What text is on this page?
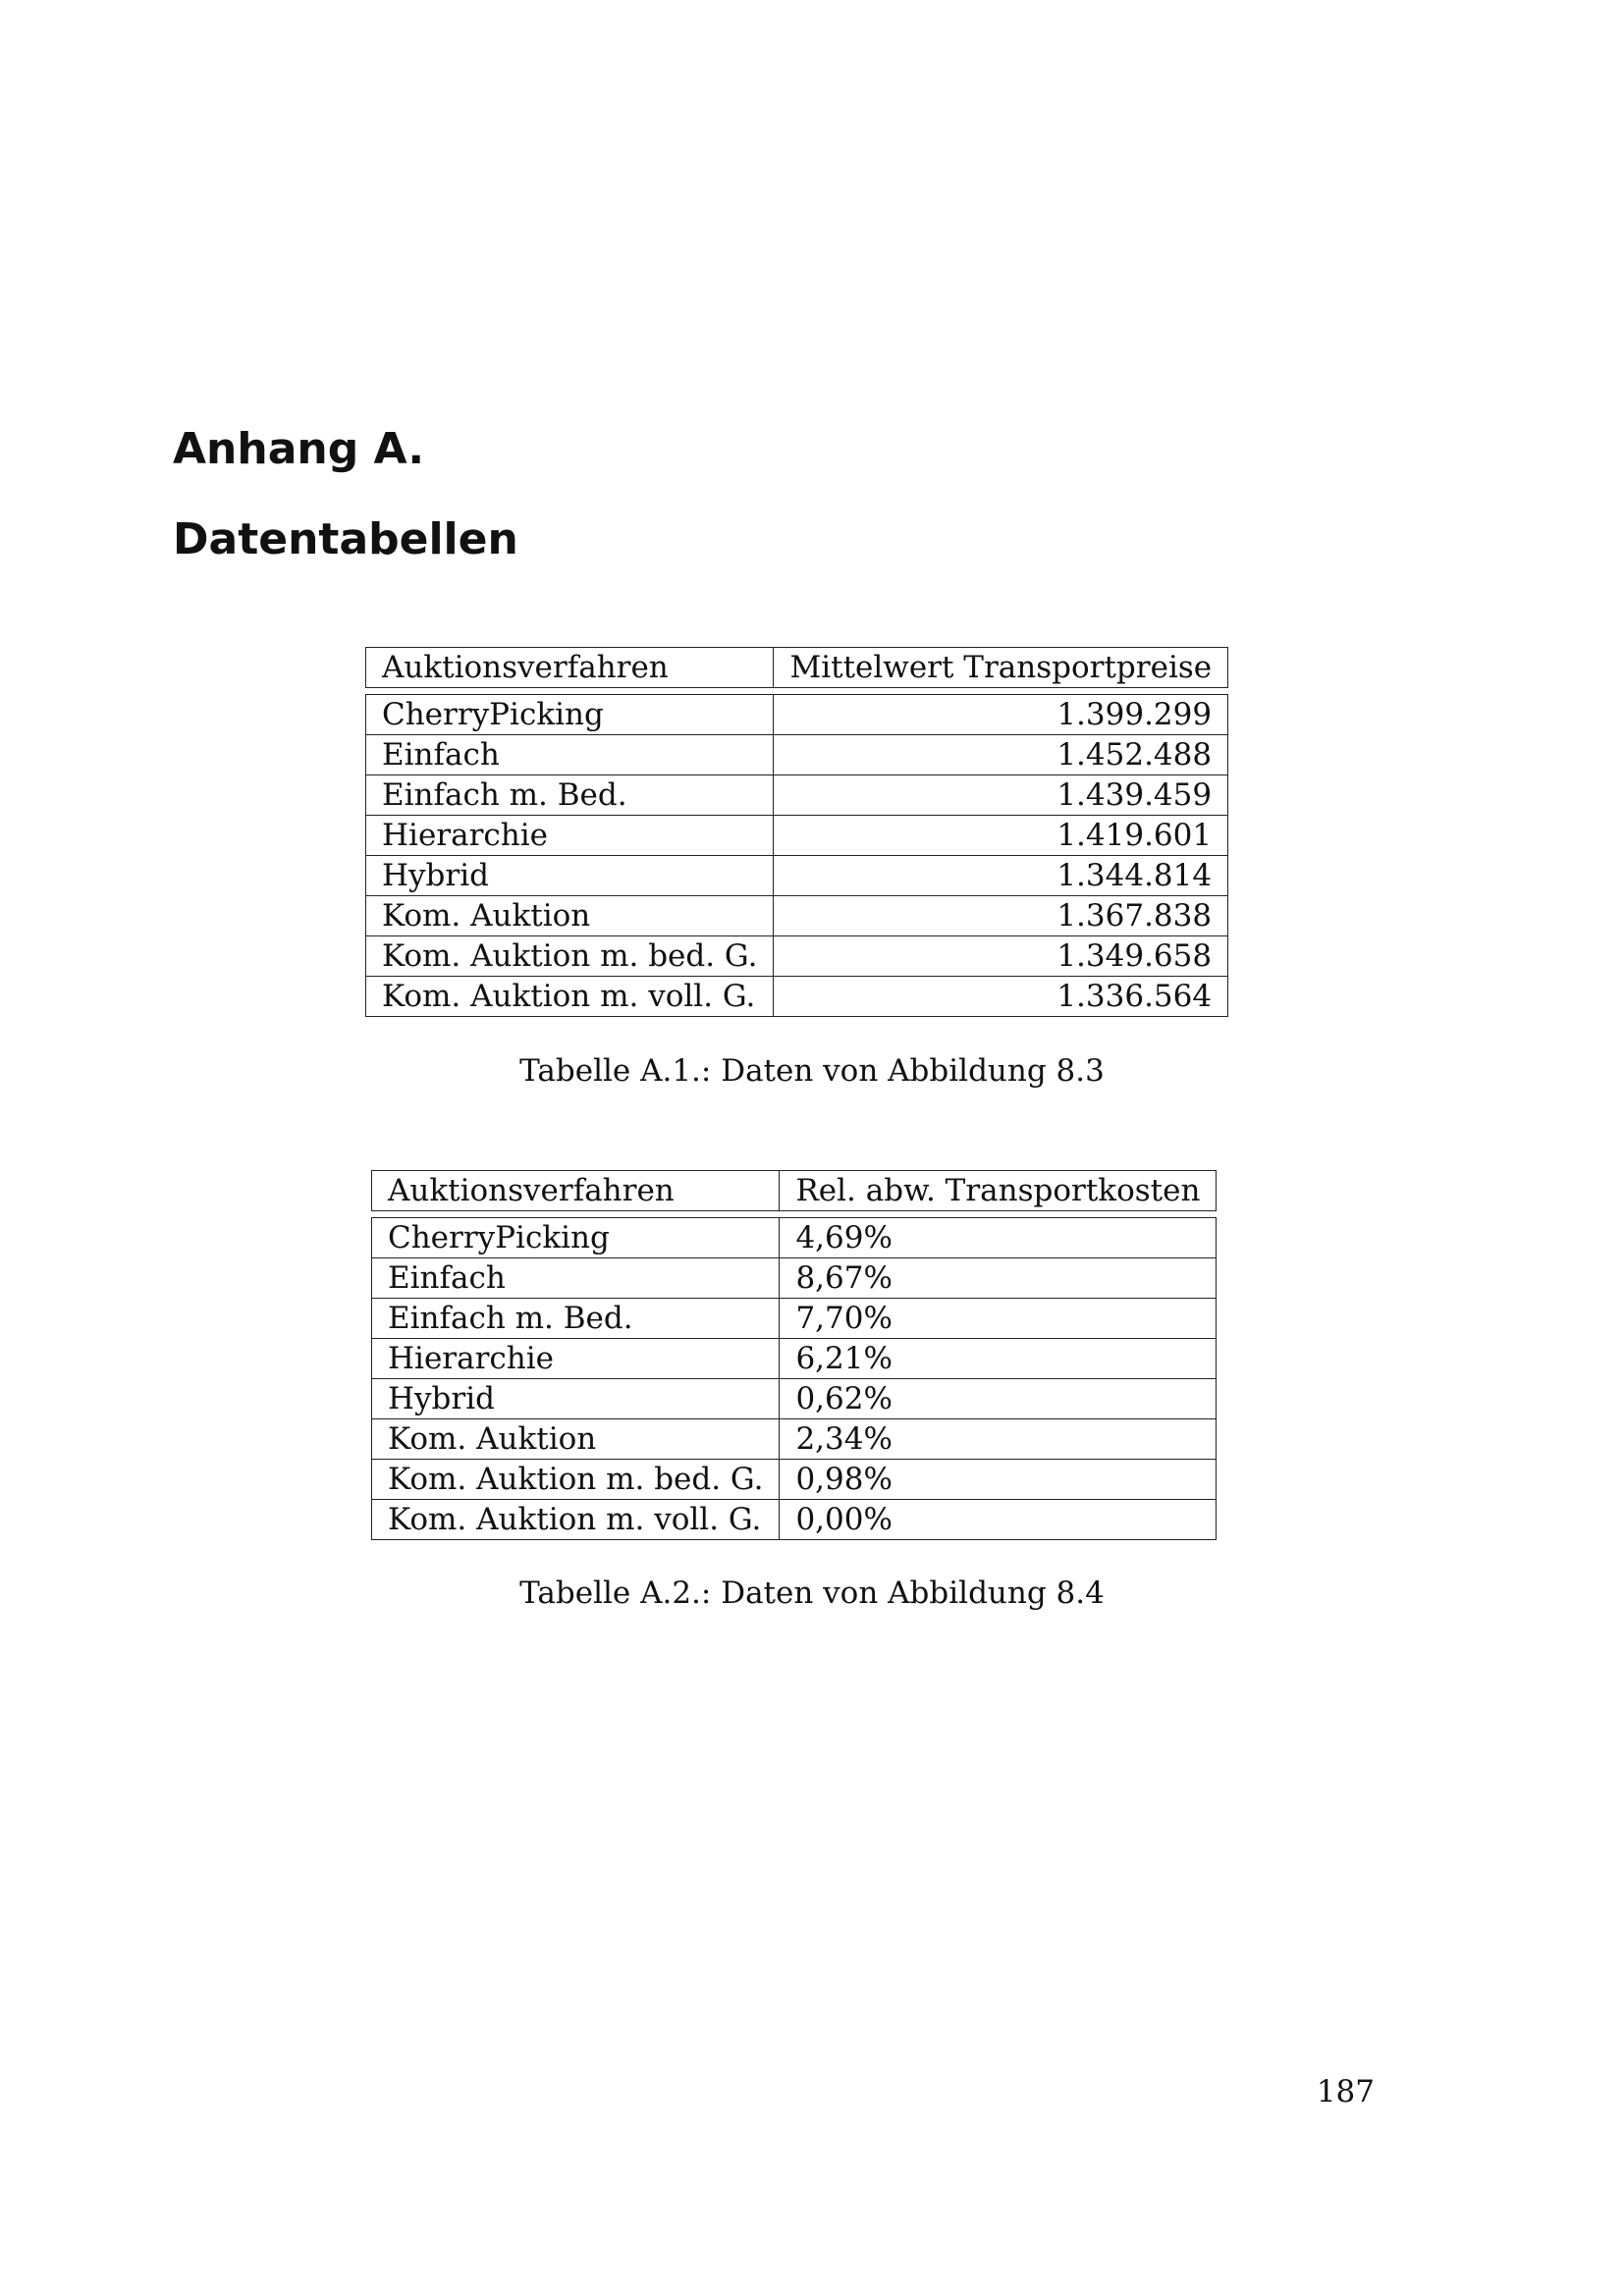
Anhang A.
Datentabellen
Auktionsverfahren	Mittelwert Transportpreise

CherryPicking	1.399.299
Einfach	1.452.488
Einfach m. Bed.	1.439.459
Hierarchie	1.419.601
Hybrid	1.344.814
Kom. Auktion	1.367.838
Kom. Auktion m. bed. G.	1.349.658
Kom. Auktion m. voll. G.	1.336.564

Tabelle A.1.: Daten von Abbildung 8.3

Auktionsverfahren	Rel. abw. Transportkosten

CherryPicking	4,69%
Einfach	8,67%
Einfach m. Bed.	7,70%
Hierarchie	6,21%
Hybrid	0,62%
Kom. Auktion	2,34%
Kom. Auktion m. bed. G.	0,98%
Kom. Auktion m. voll. G.	0,00%

Tabelle A.2.: Daten von Abbildung 8.4

187
